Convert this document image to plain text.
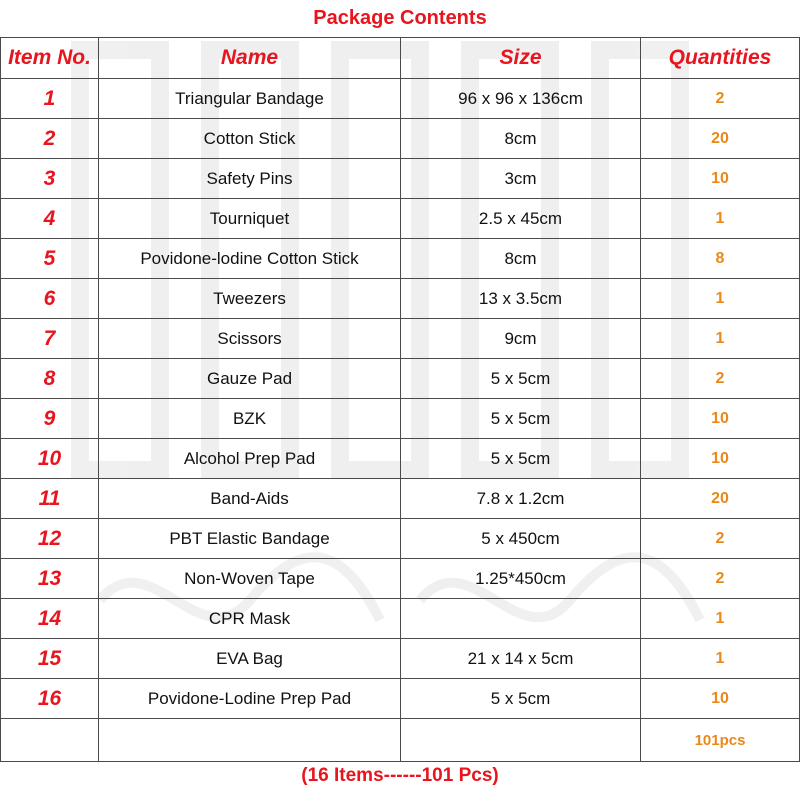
Package Contents
Item No.	Name	Size	Quantities
1	Triangular Bandage	96 x 96 x 136cm	2
2	Cotton Stick	8cm	20
3	Safety Pins	3cm	10
4	Tourniquet	2.5 x 45cm	1
5	Povidone-lodine Cotton Stick	8cm	8
6	Tweezers	13 x 3.5cm	1
7	Scissors	9cm	1
8	Gauze Pad	5 x 5cm	2
9	BZK	5 x 5cm	10
10	Alcohol Prep Pad	5 x 5cm	10
11	Band-Aids	7.8 x 1.2cm	20
12	PBT Elastic Bandage	5 x 450cm	2
13	Non-Woven Tape	1.25*450cm	2
14	CPR Mask		1
15	EVA Bag	21 x 14 x 5cm	1
16	Povidone-Lodine Prep Pad	5 x 5cm	10
			101pcs
(16 Items------101 Pcs)
